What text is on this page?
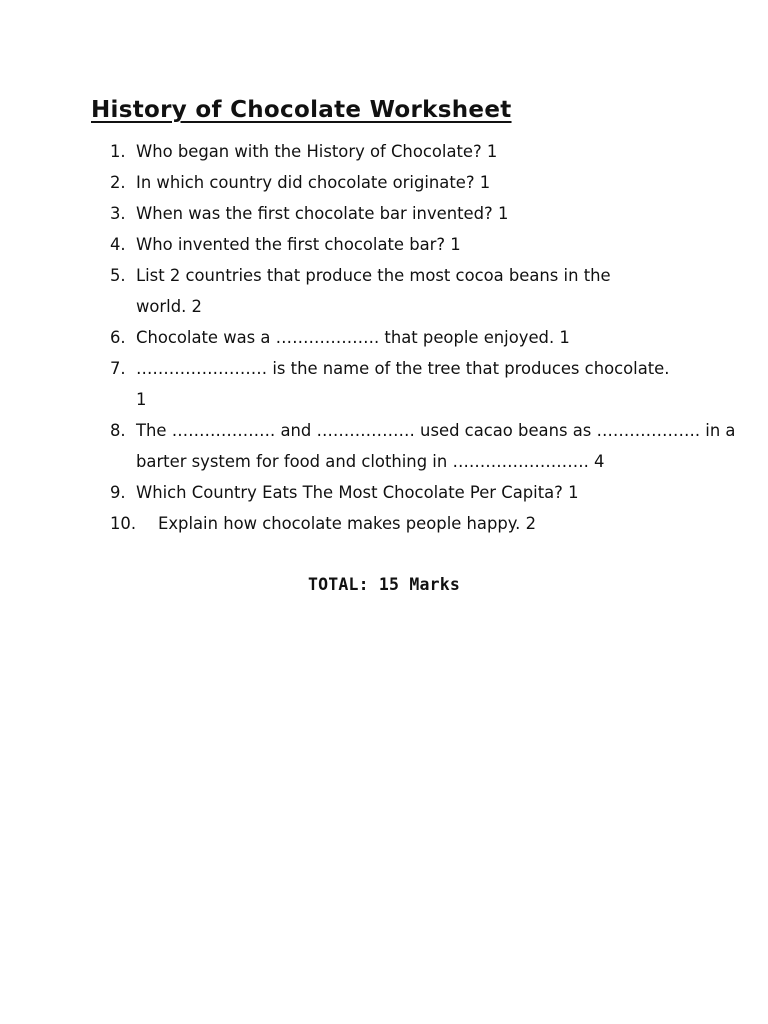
History of Chocolate Worksheet
1. Who began with the History of Chocolate? 1
2. In which country did chocolate originate? 1
3. When was the first chocolate bar invented? 1
4. Who invented the first chocolate bar? 1
5. List 2 countries that produce the most cocoa beans in the
world. 2
6. Chocolate was a ………………. that people enjoyed. 1
7. …………………… is the name of the tree that produces chocolate.
1
8. The ………………. and ……………… used cacao beans as ………………. in a
barter system for food and clothing in ……………………. 4
9. Which Country Eats The Most Chocolate Per Capita? 1
10. Explain how chocolate makes people happy. 2
TOTAL: 15 Marks
